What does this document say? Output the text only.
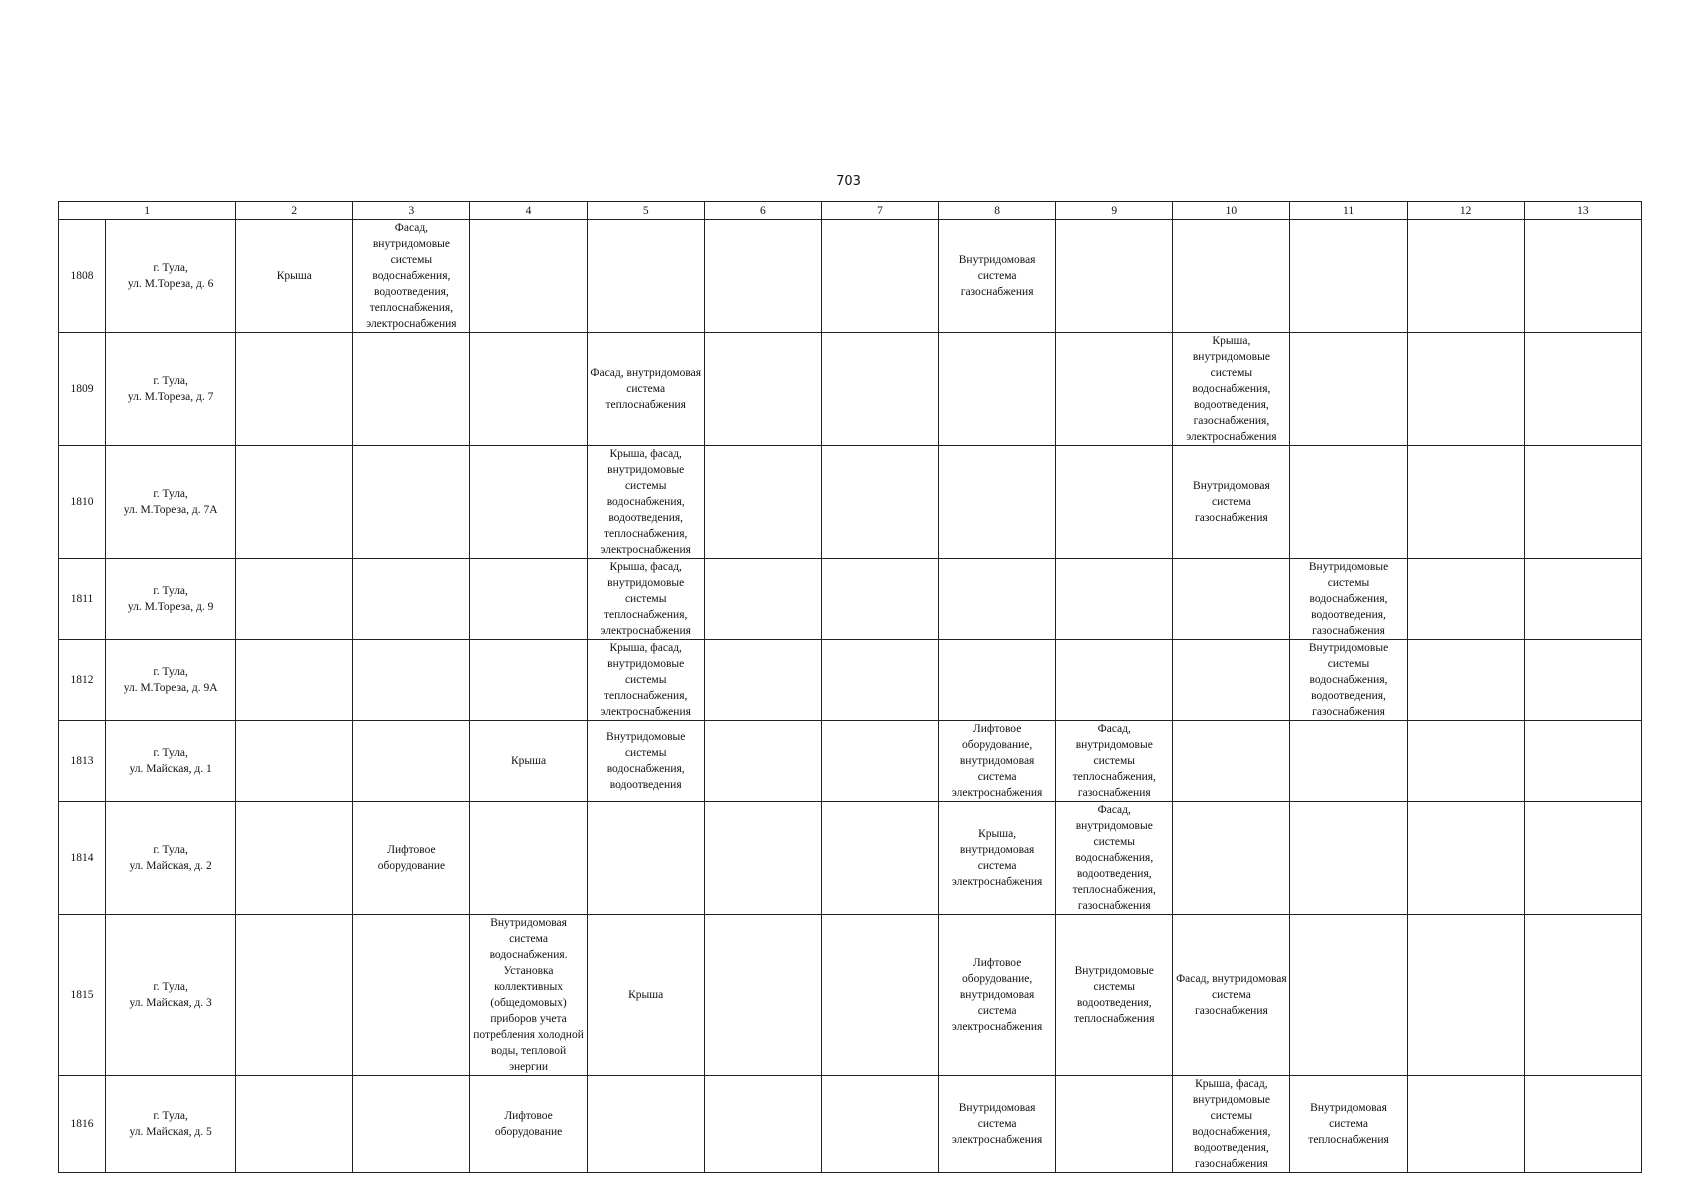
703
1		2	3	4	5	6	7	8	9	10	11	12	13
1808	г. Тула,
ул. М.Тореза, д. 6	Крыша	Фасад, внутридомовые системы водоснабжения, водоотведения, теплоснабжения, электроснабжения					Внутридомовая система газоснабжения					
1809	г. Тула,
ул. М.Тореза, д. 7				Фасад, внутридомовая система теплоснабжения					Крыша, внутридомовые системы водоснабжения, водоотведения, газоснабжения, электроснабжения			
1810	г. Тула,
ул. М.Тореза, д. 7А				Крыша, фасад, внутридомовые системы водоснабжения, водоотведения, теплоснабжения, электроснабжения					Внутридомовая система газоснабжения			
1811	г. Тула,
ул. М.Тореза, д. 9				Крыша, фасад, внутридомовые системы теплоснабжения, электроснабжения						Внутридомовые системы водоснабжения, водоотведения, газоснабжения		
1812	г. Тула,
ул. М.Тореза, д. 9А				Крыша, фасад, внутридомовые системы теплоснабжения, электроснабжения						Внутридомовые системы водоснабжения, водоотведения, газоснабжения		
1813	г. Тула,
ул. Майская, д. 1			Крыша	Внутридомовые системы водоснабжения, водоотведения			Лифтовое оборудование, внутридомовая система электроснабжения	Фасад, внутридомовые системы теплоснабжения, газоснабжения				
1814	г. Тула,
ул. Майская, д. 2		Лифтовое оборудование					Крыша, внутридомовая система электроснабжения	Фасад, внутридомовые системы водоснабжения, водоотведения, теплоснабжения, газоснабжения				
1815	г. Тула,
ул. Майская, д. 3			Внутридомовая система водоснабжения. Установка коллективных (общедомовых) приборов учета потребления холодной воды, тепловой энергии	Крыша			Лифтовое оборудование, внутридомовая система электроснабжения	Внутридомовые системы водоотведения, теплоснабжения	Фасад, внутридомовая система газоснабжения			
1816	г. Тула,
ул. Майская, д. 5			Лифтовое оборудование				Внутридомовая система электроснабжения		Крыша, фасад, внутридомовые системы водоснабжения, водоотведения, газоснабжения	Внутридомовая система теплоснабжения		
